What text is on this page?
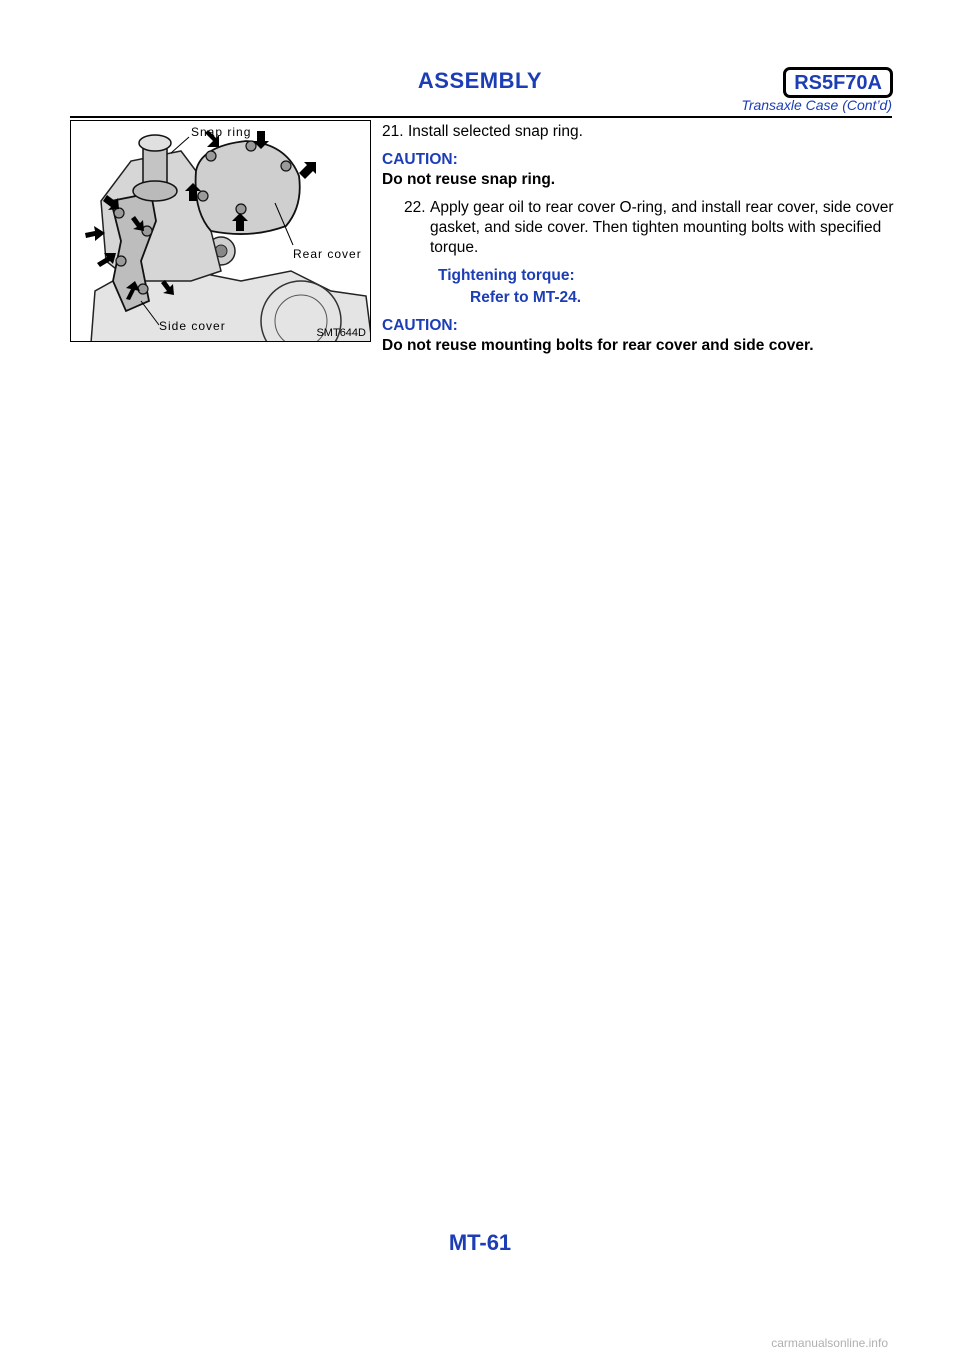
ASSEMBLY	RS5F70A
Transaxle Case (Cont’d)
Snap ring
Rear cover
Side cover	SMT644D

21. Install selected snap ring.

CAUTION:

Do not reuse snap ring.

22. Apply gear oil to rear cover O-ring, and install rear cover, side cover gasket, and side cover. Then tighten mounting bolts with specified torque.

Tightening torque:

Refer to MT-24.

CAUTION:

Do not reuse mounting bolts for rear cover and side cover.

MT-61
carmanualsonline.info
